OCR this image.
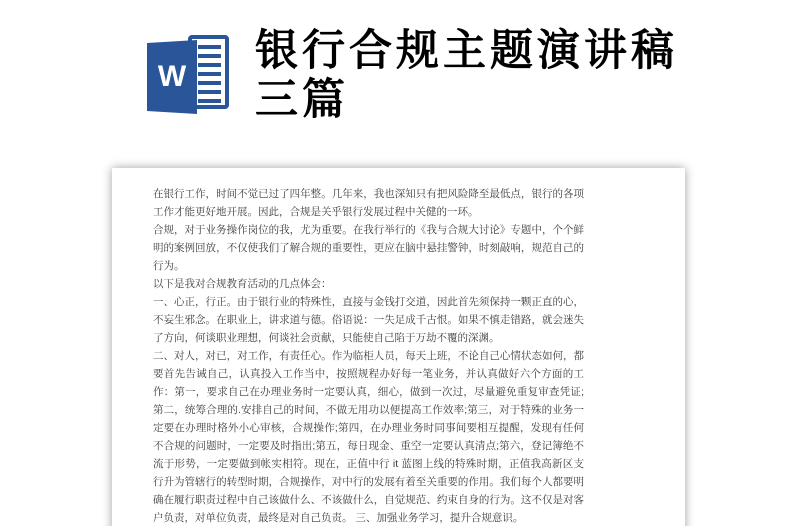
W
银行合规主题演讲稿三篇

在银行工作，时间不觉已过了四年整。几年来，我也深知只有把风险降至最低点，银行的各项工作才能更好地开展。因此，合规是关乎银行发展过程中关健的一环。

合规，对于业务操作岗位的我，尤为重要。在我行举行的《我与合规大讨论》专题中，个个鲜明的案例回放，不仅使我们了解合规的重要性，更应在脑中悬挂警钟，时刻敲响，规范自己的行为。

以下是我对合规教育活动的几点体会：

一、心正，行正。由于银行业的特殊性，直接与金钱打交道，因此首先须保持一颗正直的心，不妄生邪念。在职业上，讲求道与德。俗语说：一失足成千古恨。如果不慎走错路，就会迷失了方向，何谈职业理想，何谈社会贡献，只能使自己陷于万劫不覆的深渊。

二、对人，对已，对工作，有责任心。作为临柜人员，每天上班，不论自己心情状态如何，都要首先告诫自己，认真投入工作当中，按照规程办好每一笔业务，并认真做好六个方面的工作：第一，要求自己在办理业务时一定要认真，细心，做到一次过，尽量避免重复审查凭证;第二，统筹合理的.安排自己的时间，不做无用功以便提高工作效率;第三，对于特殊的业务一定要在办理时格外小心审核，合规操作;第四，在办理业务时同事间要相互提醒，发现有任何不合规的问题时，一定要及时指出;第五，每日现金、重空一定要认真清点;第六，登记簿绝不流于形势，一定要做到帐实相符。现在，正值中行 it 蓝图上线的特殊时期，正值我高新区支行升为管辖行的转型时期，合规操作，对中行的发展有着至关重要的作用。我们每个人都要明确在履行职责过程中自己该做什么、不该做什么，自觉规范、约束自身的行为。这不仅是对客户负责，对单位负责，最终是对自己负责。 三、加强业务学习，提升合规意识。
